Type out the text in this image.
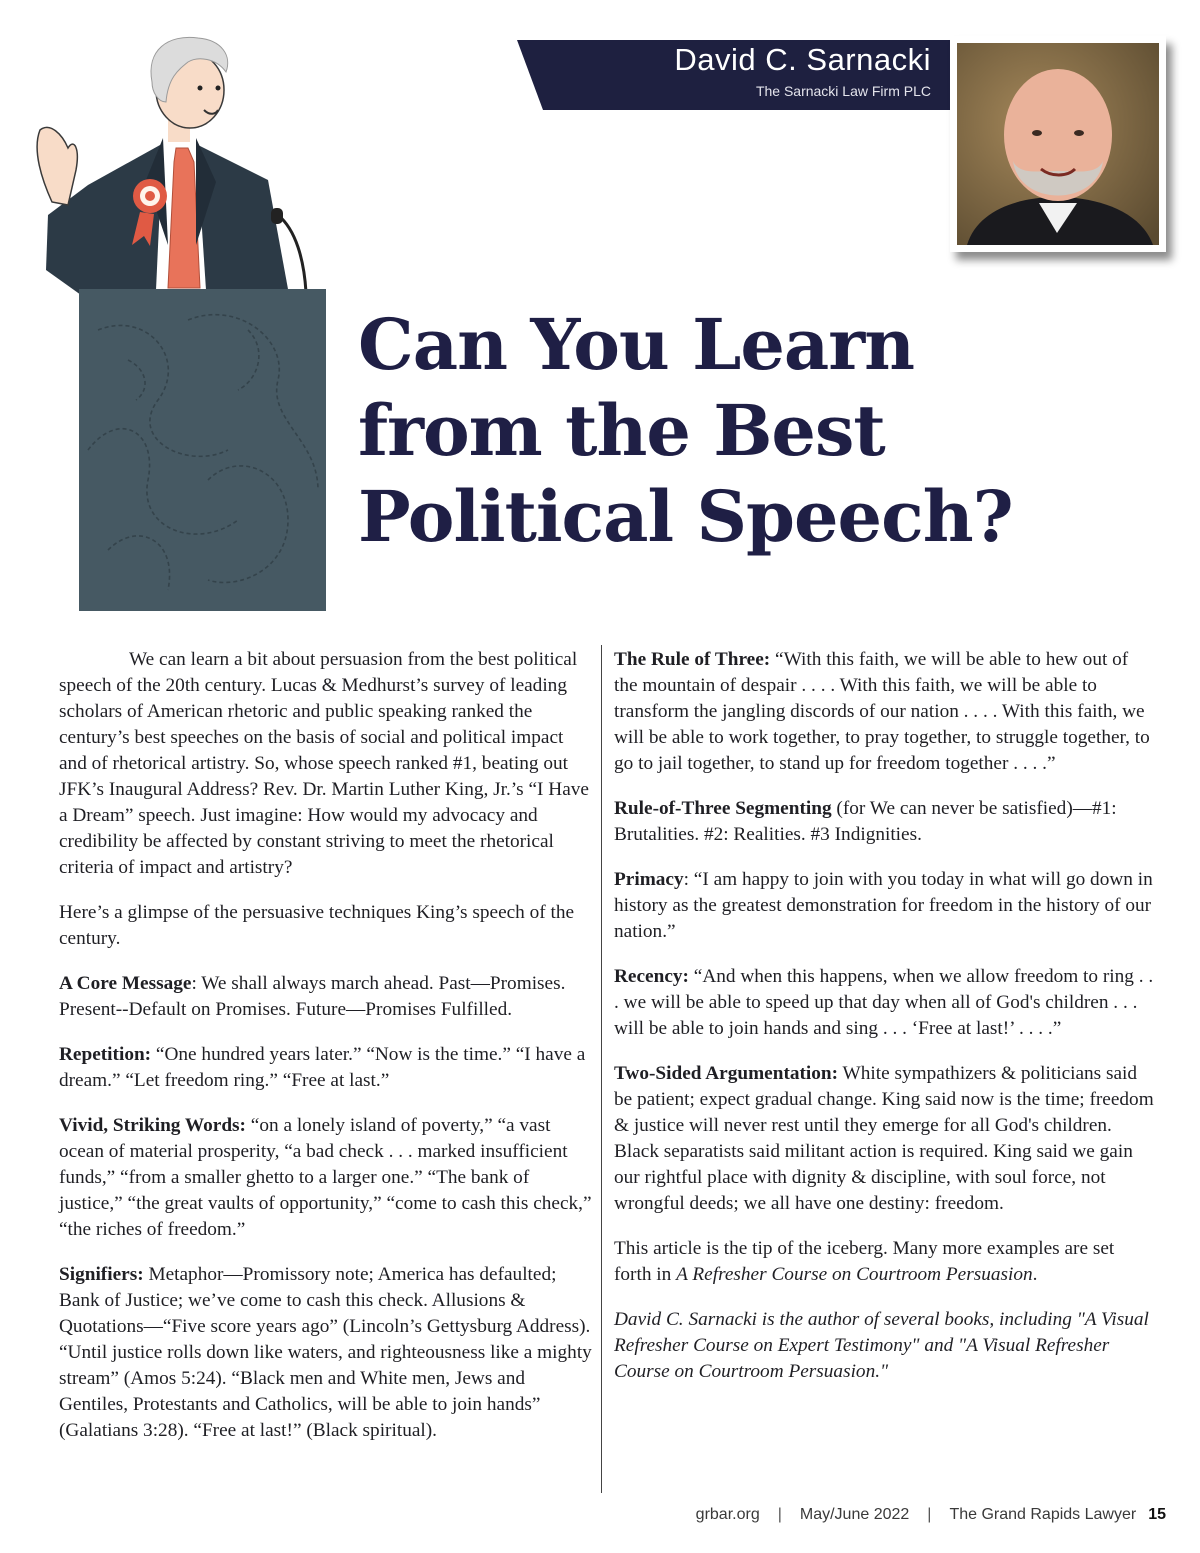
David C. Sarnacki
The Sarnacki Law Firm PLC
Can You Learn
from the Best
Political Speech?

We can learn a bit about persuasion from the best political speech of the 20th century. Lucas & Medhurst’s survey of leading scholars of American rhetoric and public speaking ranked the century’s best speeches on the basis of social and political impact and of rhetorical artistry. So, whose speech ranked #1, beating out JFK’s Inaugural Address? Rev. Dr. Martin Luther King, Jr.’s “I Have a Dream” speech. Just imagine: How would my advocacy and credibility be affected by constant striving to meet the rhetorical criteria of impact and artistry?

Here’s a glimpse of the persuasive techniques King’s speech of the century.

A Core Message: We shall always march ahead. Past—Promises. Present--Default on Promises. Future—Promises Fulfilled.

Repetition: “One hundred years later.” “Now is the time.” “I have a dream.” “Let freedom ring.” “Free at last.”

Vivid, Striking Words: “on a lonely island of poverty,” “a vast ocean of material prosperity, “a bad check . . . marked insufficient funds,” “from a smaller ghetto to a larger one.” “The bank of justice,” “the great vaults of opportunity,” “come to cash this check,” “the riches of freedom.”

Signifiers: Metaphor—Promissory note; America has defaulted; Bank of Justice; we’ve come to cash this check. Allusions & Quotations—“Five score years ago” (Lincoln’s Gettysburg Address). “Until justice rolls down like waters, and righteousness like a mighty stream” (Amos 5:24). “Black men and White men, Jews and Gentiles, Protestants and Catholics, will be able to join hands” (Galatians 3:28). “Free at last!” (Black spiritual).

The Rule of Three: “With this faith, we will be able to hew out of the mountain of despair . . . . With this faith, we will be able to transform the jangling discords of our nation . . . . With this faith, we will be able to work together, to pray together, to struggle together, to go to jail together, to stand up for freedom together . . . .”

Rule-of-Three Segmenting (for We can never be satisfied)—#1: Brutalities. #2: Realities. #3 Indignities.

Primacy: “I am happy to join with you today in what will go down in history as the greatest demonstration for freedom in the history of our nation.”

Recency: “And when this happens, when we allow freedom to ring . . . we will be able to speed up that day when all of God's children . . . will be able to join hands and sing . . . ‘Free at last!’ . . . .”

Two-Sided Argumentation: White sympathizers & politicians said be patient; expect gradual change. King said now is the time; freedom & justice will never rest until they emerge for all God's children. Black separatists said militant action is required. King said we gain our rightful place with dignity & discipline, with soul force, not wrongful deeds; we all have one destiny: freedom.

This article is the tip of the iceberg. Many more examples are set forth in A Refresher Course on Courtroom Persuasion.

David C. Sarnacki is the author of several books, including "A Visual Refresher Course on Expert Testimony" and "A Visual Refresher Course on Courtroom Persuasion."

grbar.org | May/June 2022 | The Grand Rapids Lawyer 15
